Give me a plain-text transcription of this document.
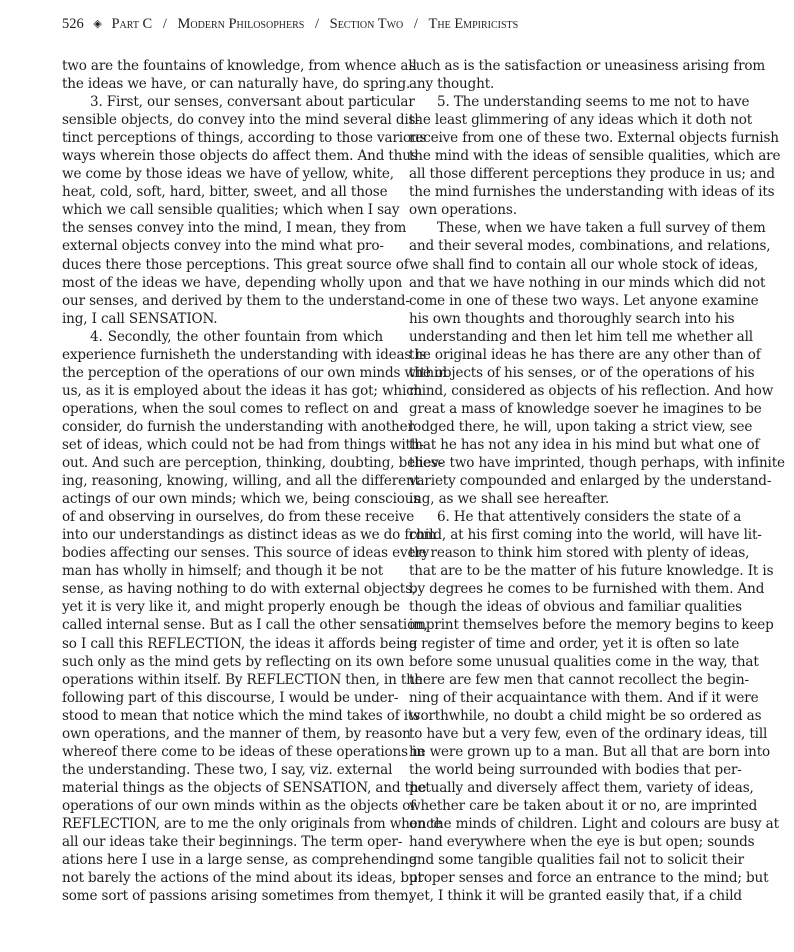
526 ◈ Part C / Modern Philosophers / Section Two / The Empiricists
two are the fountains of knowledge, from whence all
the ideas we have, or can naturally have, do spring.
3. First, our senses, conversant about particular
sensible objects, do convey into the mind several dis-
tinct perceptions of things, according to those various
ways wherein those objects do affect them. And thus
we come by those ideas we have of yellow, white,
heat, cold, soft, hard, bitter, sweet, and all those
which we call sensible qualities; which when I say
the senses convey into the mind, I mean, they from
external objects convey into the mind what pro-
duces there those perceptions. This great source of
most of the ideas we have, depending wholly upon
our senses, and derived by them to the understand-
ing, I call SENSATION.
4. Secondly, the other fountain from which
experience furnisheth the understanding with ideas is
the perception of the operations of our own minds within
us, as it is employed about the ideas it has got; which
operations, when the soul comes to reflect on and
consider, do furnish the understanding with another
set of ideas, which could not be had from things with-
out. And such are perception, thinking, doubting, believ-
ing, reasoning, knowing, willing, and all the different
actings of our own minds; which we, being conscious
of and observing in ourselves, do from these receive
into our understandings as distinct ideas as we do from
bodies affecting our senses. This source of ideas every
man has wholly in himself; and though it be not
sense, as having nothing to do with external objects,
yet it is very like it, and might properly enough be
called internal sense. But as I call the other sensation,
so I call this REFLECTION, the ideas it affords being
such only as the mind gets by reflecting on its own
operations within itself. By REFLECTION then, in the
following part of this discourse, I would be under-
stood to mean that notice which the mind takes of its
own operations, and the manner of them, by reason
whereof there come to be ideas of these operations in
the understanding. These two, I say, viz. external
material things as the objects of SENSATION, and the
operations of our own minds within as the objects of
REFLECTION, are to me the only originals from whence
all our ideas take their beginnings. The term oper-
ations here I use in a large sense, as comprehending
not barely the actions of the mind about its ideas, but
some sort of passions arising sometimes from them,
such as is the satisfaction or uneasiness arising from
any thought.
5. The understanding seems to me not to have
the least glimmering of any ideas which it doth not
receive from one of these two. External objects furnish
the mind with the ideas of sensible qualities, which are
all those different perceptions they produce in us; and
the mind furnishes the understanding with ideas of its
own operations.
These, when we have taken a full survey of them
and their several modes, combinations, and relations,
we shall find to contain all our whole stock of ideas,
and that we have nothing in our minds which did not
come in one of these two ways. Let anyone examine
his own thoughts and thoroughly search into his
understanding and then let him tell me whether all
the original ideas he has there are any other than of
the objects of his senses, or of the operations of his
mind, considered as objects of his reflection. And how
great a mass of knowledge soever he imagines to be
lodged there, he will, upon taking a strict view, see
that he has not any idea in his mind but what one of
these two have imprinted, though perhaps, with infinite
variety compounded and enlarged by the understand-
ing, as we shall see hereafter.
6. He that attentively considers the state of a
child, at his first coming into the world, will have lit-
tle reason to think him stored with plenty of ideas,
that are to be the matter of his future knowledge. It is
by degrees he comes to be furnished with them. And
though the ideas of obvious and familiar qualities
imprint themselves before the memory begins to keep
a register of time and order, yet it is often so late
before some unusual qualities come in the way, that
there are few men that cannot recollect the begin-
ning of their acquaintance with them. And if it were
worthwhile, no doubt a child might be so ordered as
to have but a very few, even of the ordinary ideas, till
he were grown up to a man. But all that are born into
the world being surrounded with bodies that per-
petually and diversely affect them, variety of ideas,
whether care be taken about it or no, are imprinted
on the minds of children. Light and colours are busy at
hand everywhere when the eye is but open; sounds
and some tangible qualities fail not to solicit their
proper senses and force an entrance to the mind; but
yet, I think it will be granted easily that, if a child
